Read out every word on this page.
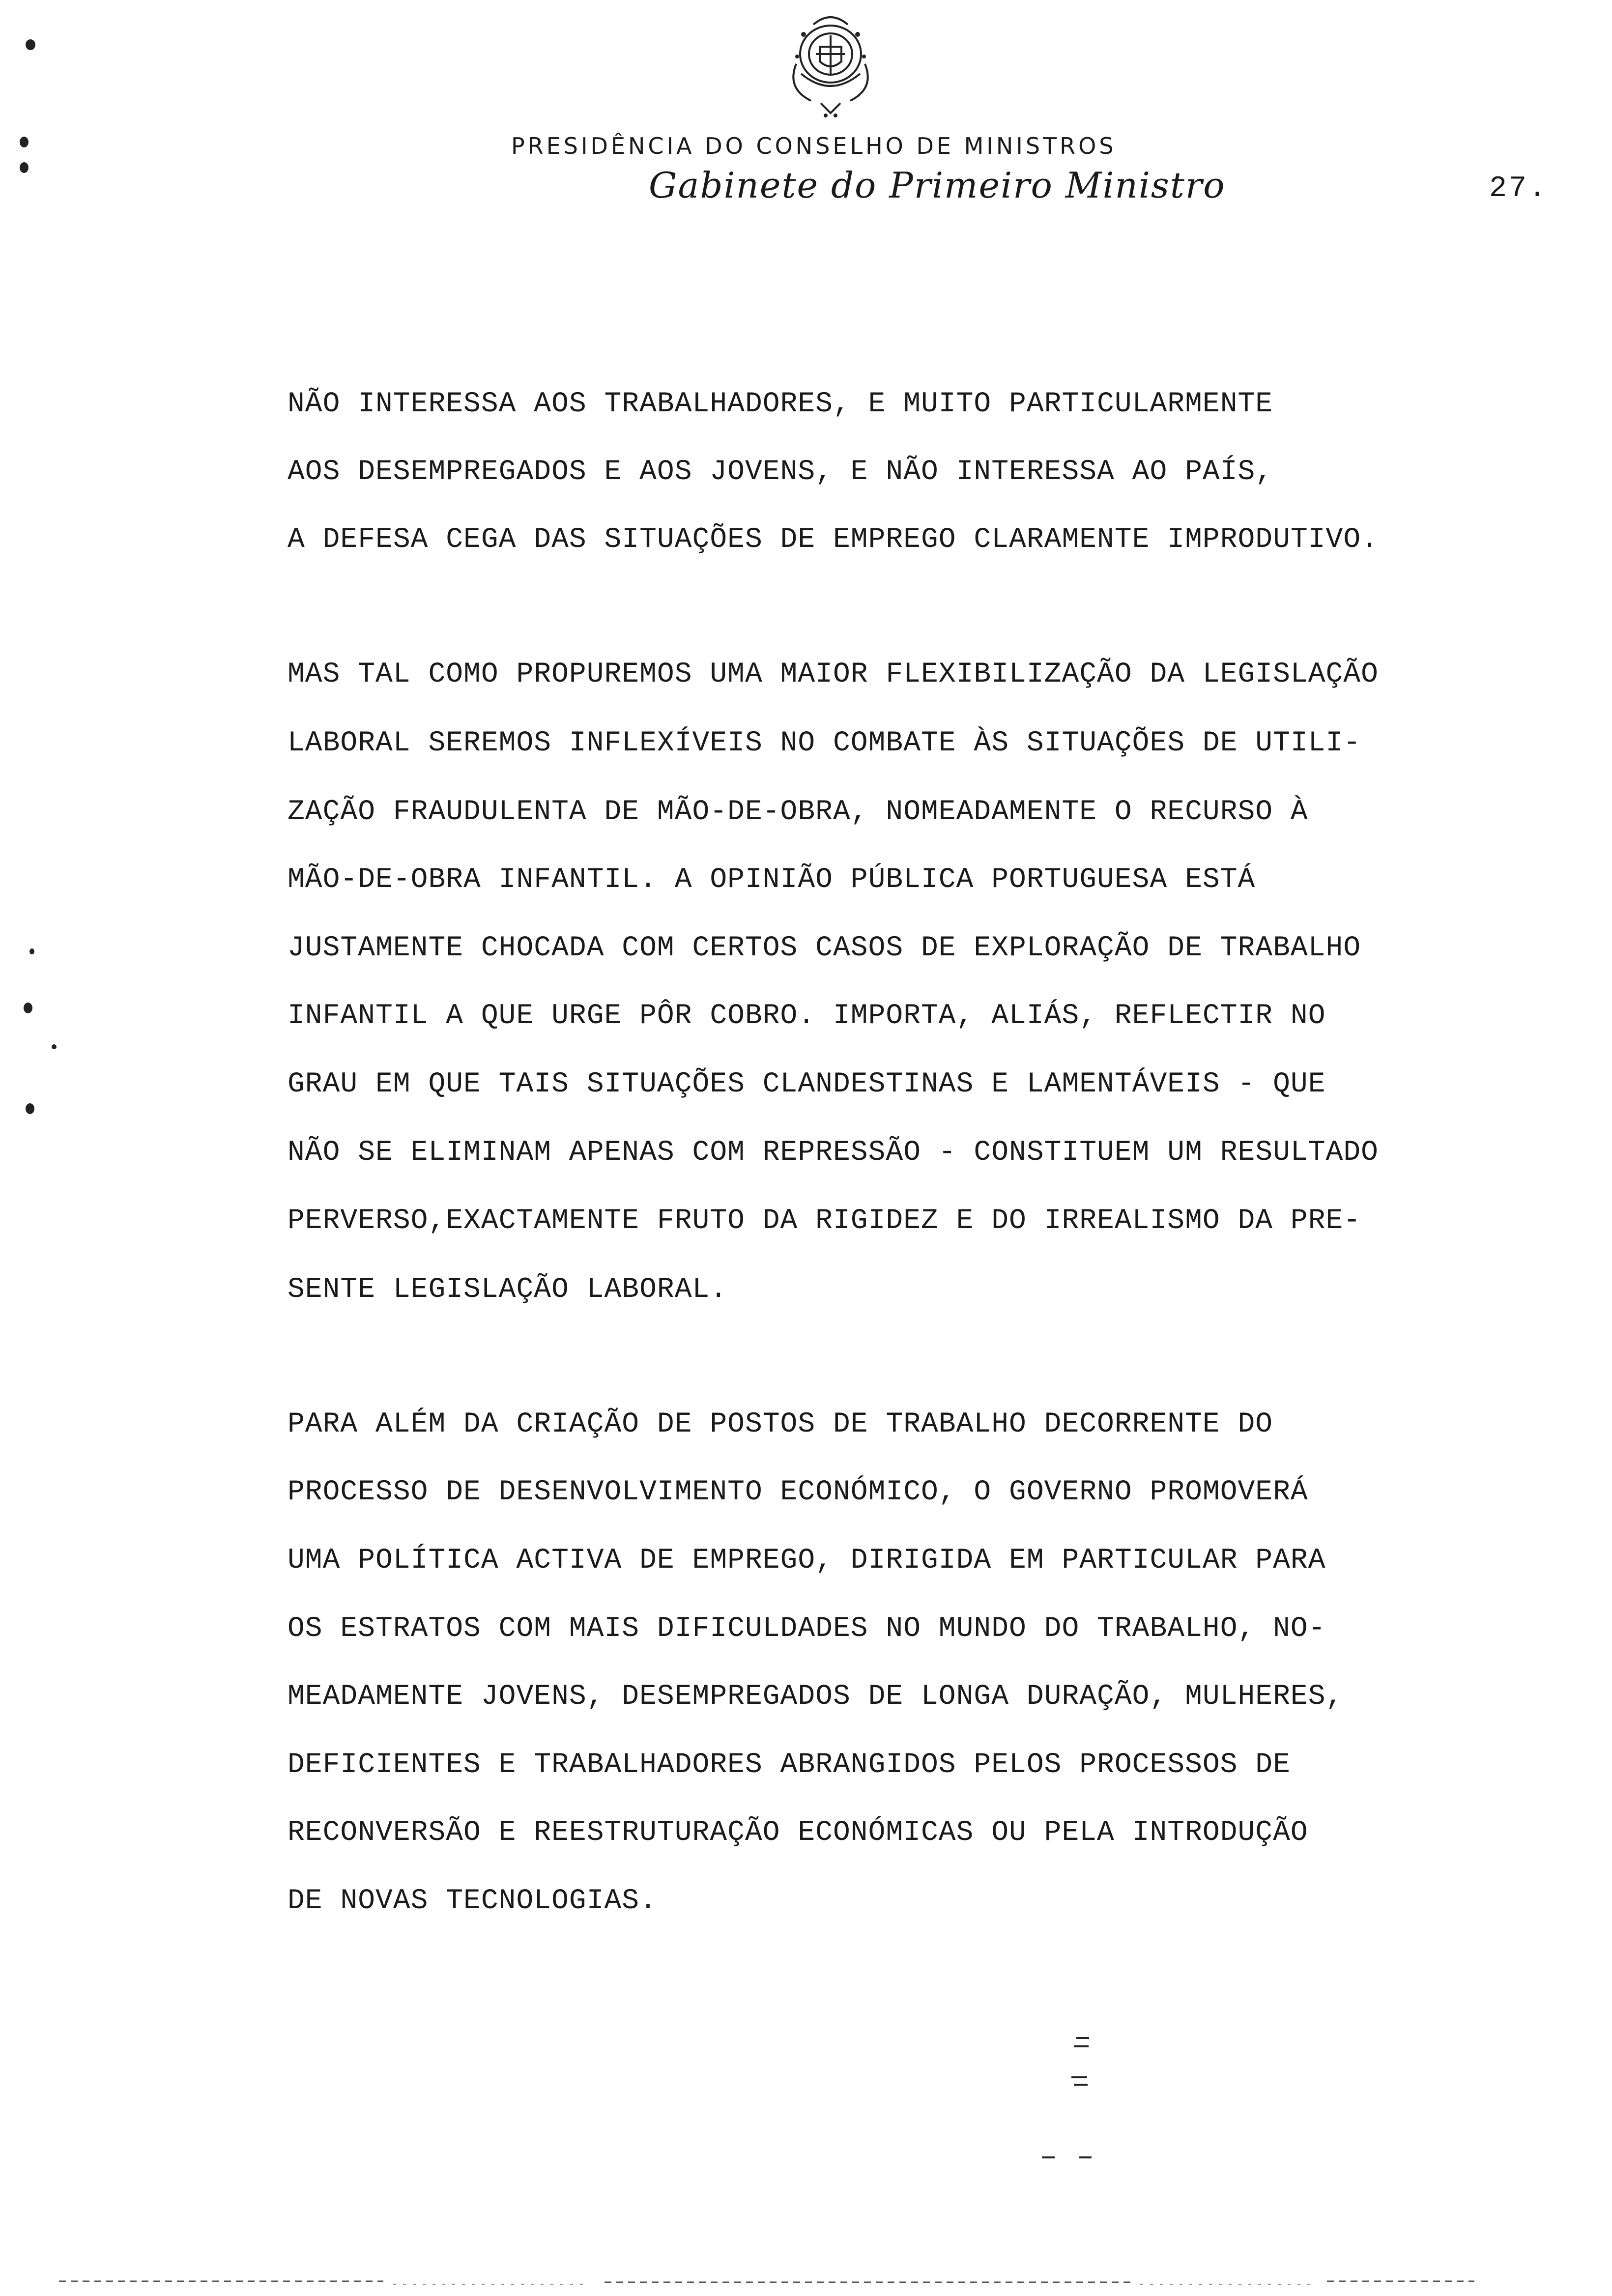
PRESIDÊNCIA DO CONSELHO DE MINISTROS
Gabinete do Primeiro Ministro	27.
NÃO INTERESSA AOS TRABALHADORES, E MUITO PARTICULARMENTE
AOS DESEMPREGADOS E AOS JOVENS, E NÃO INTERESSA AO PAÍS,
A DEFESA CEGA DAS SITUAÇÕES DE EMPREGO CLARAMENTE IMPRODUTIVO.
MAS TAL COMO PROPUREMOS UMA MAIOR FLEXIBILIZAÇÃO DA LEGISLAÇÃO
LABORAL SEREMOS INFLEXÍVEIS NO COMBATE ÀS SITUAÇÕES DE UTILI-
ZAÇÃO FRAUDULENTA DE MÃO-DE-OBRA, NOMEADAMENTE O RECURSO À
MÃO-DE-OBRA INFANTIL. A OPINIÃO PÚBLICA PORTUGUESA ESTÁ
JUSTAMENTE CHOCADA COM CERTOS CASOS DE EXPLORAÇÃO DE TRABALHO
INFANTIL A QUE URGE PÔR COBRO. IMPORTA, ALIÁS, REFLECTIR NO
GRAU EM QUE TAIS SITUAÇÕES CLANDESTINAS E LAMENTÁVEIS - QUE
NÃO SE ELIMINAM APENAS COM REPRESSÃO - CONSTITUEM UM RESULTADO
PERVERSO,EXACTAMENTE FRUTO DA RIGIDEZ E DO IRREALISMO DA PRE-
SENTE LEGISLAÇÃO LABORAL.
PARA ALÉM DA CRIAÇÃO DE POSTOS DE TRABALHO DECORRENTE DO
PROCESSO DE DESENVOLVIMENTO ECONÓMICO, O GOVERNO PROMOVERÁ
UMA POLÍTICA ACTIVA DE EMPREGO, DIRIGIDA EM PARTICULAR PARA
OS ESTRATOS COM MAIS DIFICULDADES NO MUNDO DO TRABALHO, NO-
MEADAMENTE JOVENS, DESEMPREGADOS DE LONGA DURAÇÃO, MULHERES,
DEFICIENTES E TRABALHADORES ABRANGIDOS PELOS PROCESSOS DE
RECONVERSÃO E REESTRUTURAÇÃO ECONÓMICAS OU PELA INTRODUÇÃO
DE NOVAS TECNOLOGIAS.
